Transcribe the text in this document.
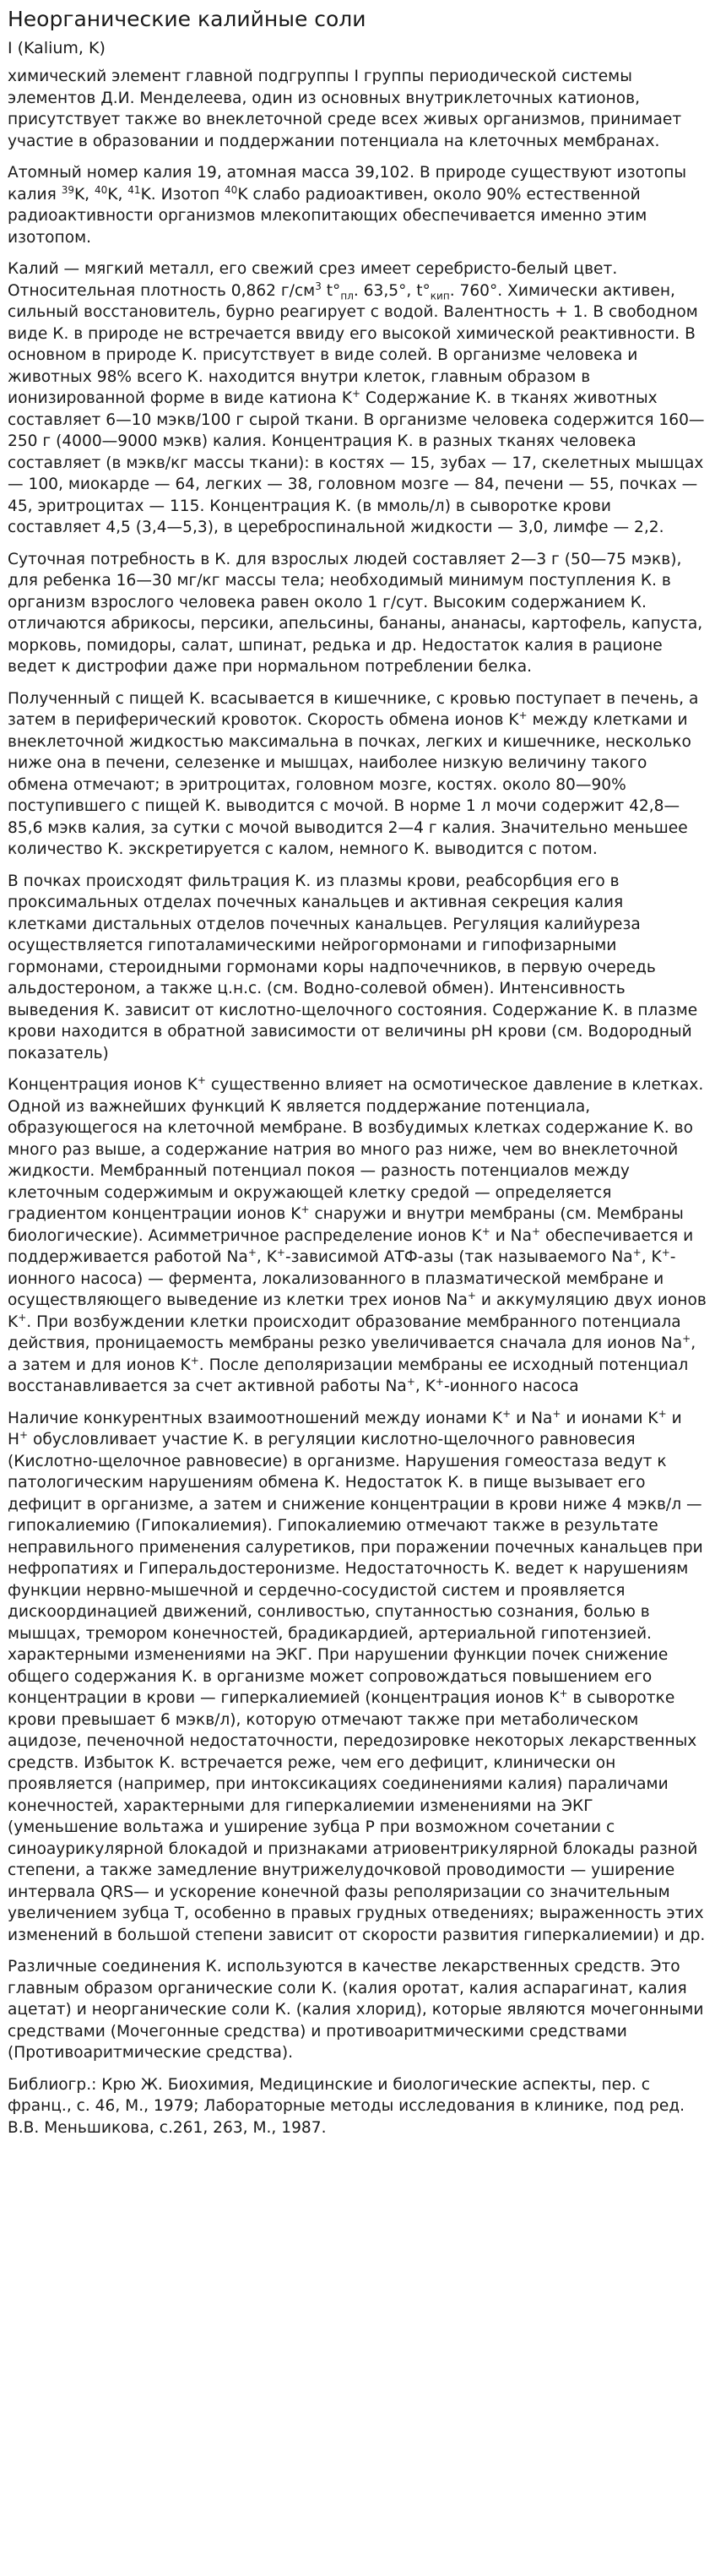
Неорганические калийные соли
I (Kalium, K)
химический элемент главной подгруппы I группы периодической системы элементов Д.И. Менделеева, один из основных внутриклеточных катионов, присутствует также во внеклеточной среде всех живых организмов, принимает участие в образовании и поддержании потенциала на клеточных мембранах.
Атомный номер калия 19, атомная масса 39,102. В природе существуют изотопы калия $^{39}$K, $^{40}$K, $^{41}$K. Изотоп $^{40}$K слабо радиоактивен, около 90% естественной радиоактивности организмов млекопитающих обеспечивается именно этим изотопом.
Калий — мягкий металл, его свежий срез имеет серебристо-белый цвет. Относительная плотность 0,862 $г/см^3$ $t^\circ_{пл}$. 63,5°, $t^\circ_{кип}$. 760°. Химически активен, сильный восстановитель, бурно реагирует с водой. Валентность + 1. В свободном виде К. в природе не встречается ввиду его высокой химической реактивности. В основном в природе К. присутствует в виде солей. В организме человека и животных 98% всего К. находится внутри клеток, главным образом в ионизированной форме в виде катиона K+ Содержание К. в тканях животных составляет 6—10 мэкв/100 г сырой ткани. В организме человека содержится 160—250 г (4000—9000 мэкв) калия. Концентрация К. в разных тканях человека составляет (в мэкв/кг массы ткани): в костях — 15, зубах — 17, скелетных мышцах — 100, миокарде — 64, легких — 38, головном мозге — 84, печени — 55, почках — 45, эритроцитах — 115. Концентрация К. (в ммоль/л) в сыворотке крови составляет 4,5 (3,4—5,3), в цереброспинальной жидкости — 3,0, лимфе — 2,2.
Суточная потребность в К. для взрослых людей составляет 2—3 г (50—75 мэкв), для ребенка 16—30 мг/кг массы тела; необходимый минимум поступления К. в организм взрослого человека равен около 1 г/сут. Высоким содержанием К. отличаются абрикосы, персики, апельсины, бананы, ананасы, картофель, капуста, морковь, помидоры, салат, шпинат, редька и др. Недостаток калия в рационе ведет к дистрофии даже при нормальном потреблении белка.
Полученный с пищей К. всасывается в кишечнике, с кровью поступает в печень, а затем в периферический кровоток. Скорость обмена ионов K+ между клетками и внеклеточной жидкостью максимальна в почках, легких и кишечнике, несколько ниже она в печени, селезенке и мышцах, наиболее низкую величину такого обмена отмечают; в эритроцитах, головном мозге, костях. около 80—90% поступившего с пищей К. выводится с мочой. В норме 1 л мочи содержит 42,8—85,6 мэкв калия, за сутки с мочой выводится 2—4 г калия. Значительно меньшее количество К. экскретируется с калом, немного К. выводится с потом.
В почках происходят фильтрация К. из плазмы крови, реабсорбция его в проксимальных отделах почечных канальцев и активная секреция калия клетками дистальных отделов почечных канальцев. Регуляция калийуреза осуществляется гипоталамическими нейрогормонами и гипофизарными гормонами, стероидными гормонами коры надпочечников, в первую очередь альдостероном, а также ц.н.с. (см. Водно-солевой обмен). Интенсивность выведения К. зависит от кислотно-щелочного состояния. Содержание К. в плазме крови находится в обратной зависимости от величины pH крови (см. Водородный показатель)
Концентрация ионов K+ существенно влияет на осмотическое давление в клетках. Одной из важнейших функций К является поддержание потенциала, образующегося на клеточной мембране. В возбудимых клетках содержание К. во много раз выше, а содержание натрия во много раз ниже, чем во внеклеточной жидкости. Мембранный потенциал покоя — разность потенциалов между клеточным содержимым и окружающей клетку средой — определяется градиентом концентрации ионов K+ снаружи и внутри мембраны (см. Мембраны биологические). Асимметричное распределение ионов K+ и Na+ обеспечивается и поддерживается работой Na+, K+-зависимой АТФ-азы (так называемого Na+, K+-ионного насоса) — фермента, локализованного в плазматической мембране и осуществляющего выведение из клетки трех ионов Na+ и аккумуляцию двух ионов K+. При возбуждении клетки происходит образование мембранного потенциала действия, проницаемость мембраны резко увеличивается сначала для ионов Na+, а затем и для ионов K+. После деполяризации мембраны ее исходный потенциал восстанавливается за счет активной работы Na+, K+-ионного насоса
Наличие конкурентных взаимоотношений между ионами K+ и Na+ и ионами K+ и H+ обусловливает участие К. в регуляции кислотно-щелочного равновесия (Кислотно-щелочное равновесие) в организме. Нарушения гомеостаза ведут к патологическим нарушениям обмена К. Недостаток К. в пище вызывает его дефицит в организме, а затем и снижение концентрации в крови ниже 4 мэкв/л — гипокалиемию (Гипокалиемия). Гипокалиемию отмечают также в результате неправильного применения салуретиков, при поражении почечных канальцев при нефропатиях и Гиперальдостеронизме. Недостаточность К. ведет к нарушениям функции нервно-мышечной и сердечно-сосудистой систем и проявляется дискоординацией движений, сонливостью, спутанностью сознания, болью в мышцах, тремором конечностей, брадикардией, артериальной гипотензией. характерными изменениями на ЭКГ. При нарушении функции почек снижение общего содержания К. в организме может сопровождаться повышением его концентрации в крови — гиперкалиемией (концентрация ионов K+ в сыворотке крови превышает 6 мэкв/л), которую отмечают также при метаболическом ацидозе, печеночной недостаточности, передозировке некоторых лекарственных средств. Избыток К. встречается реже, чем его дефицит, клинически он проявляется (например, при интоксикациях соединениями калия) параличами конечностей, характерными для гиперкалиемии изменениями на ЭКГ (уменьшение вольтажа и уширение зубца Р при возможном сочетании с синоаурикулярной блокадой и признаками атриовентрикулярной блокады разной степени, а также замедление внутрижелудочковой проводимости — уширение интервала QRS— и ускорение конечной фазы реполяризации со значительным увеличением зубца Т, особенно в правых грудных отведениях; выраженность этих изменений в большой степени зависит от скорости развития гиперкалиемии) и др.
Различные соединения К. используются в качестве лекарственных средств. Это главным образом органические соли К. (калия оротат, калия аспарагинат, калия ацетат) и неорганические соли К. (калия хлорид), которые являются мочегонными средствами (Мочегонные средства) и противоаритмическими средствами (Противоаритмические средства).
Библиогр.: Крю Ж. Биохимия, Медицинские и биологические аспекты, пер. с франц., с. 46, М., 1979; Лабораторные методы исследования в клинике, под ред. В.В. Меньшикова, с.261, 263, М., 1987.
